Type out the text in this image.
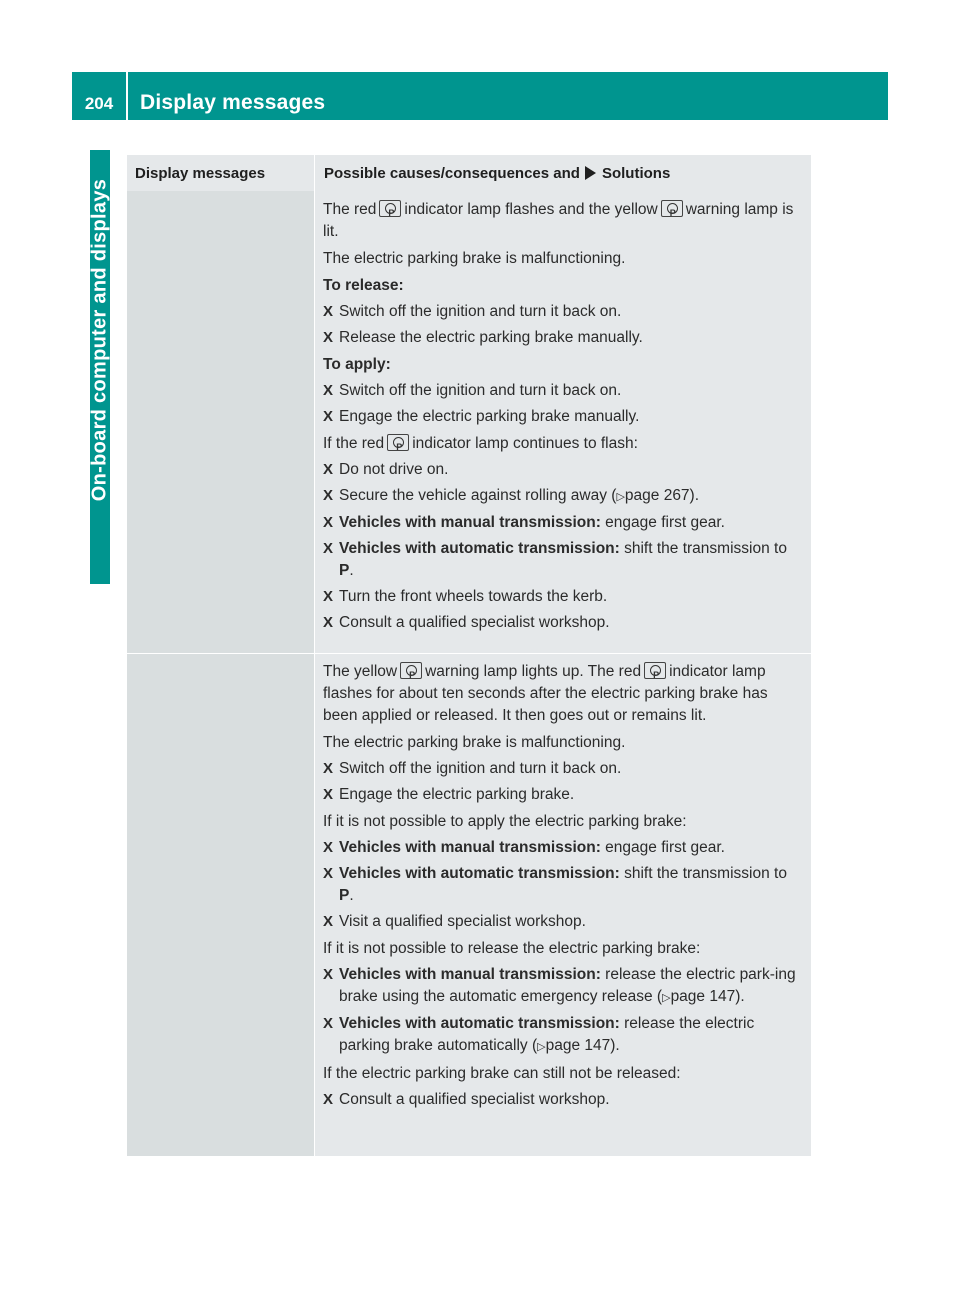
204	Display messages
On-board computer and displays
Display messages	Possible causes/consequences and Solutions
The red P indicator lamp flashes and the yellow P warning lamp is lit.
The electric parking brake is malfunctioning.
To release:
X Switch off the ignition and turn it back on.
X Release the electric parking brake manually.
To apply:
X Switch off the ignition and turn it back on.
X Engage the electric parking brake manually.
If the red P indicator lamp continues to flash:
X Do not drive on.
X Secure the vehicle against rolling away (▷page 267).
X Vehicles with manual transmission: engage first gear.
X Vehicles with automatic transmission: shift the transmission to P.
X Turn the front wheels towards the kerb.
X Consult a qualified specialist workshop.
The yellow P warning lamp lights up. The red P indicator lamp flashes for about ten seconds after the electric parking brake has been applied or released. It then goes out or remains lit.
The electric parking brake is malfunctioning.
X Switch off the ignition and turn it back on.
X Engage the electric parking brake.
If it is not possible to apply the electric parking brake:
X Vehicles with manual transmission: engage first gear.
X Vehicles with automatic transmission: shift the transmission to P.
X Visit a qualified specialist workshop.
If it is not possible to release the electric parking brake:
X Vehicles with manual transmission: release the electric park-ing brake using the automatic emergency release (▷page 147).
X Vehicles with automatic transmission: release the electric parking brake automatically (▷page 147).
If the electric parking brake can still not be released:
X Consult a qualified specialist workshop.
